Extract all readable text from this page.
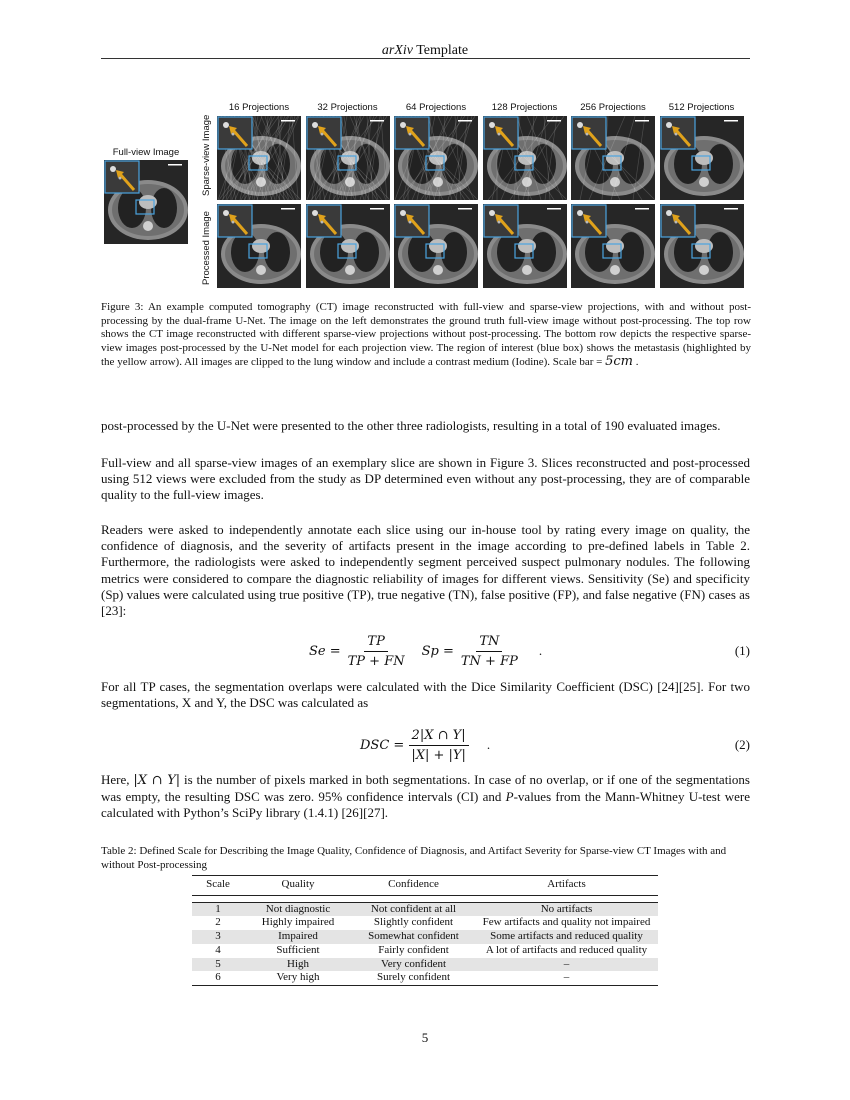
arXiv Template
Full-view Image	Sparse-view Image
Processed Image
16 Projections	32 Projections	64 Projections	128 Projections	256 Projections	512 Projections
Figure 3: An example computed tomography (CT) image reconstructed with full-view and sparse-view projections, with and without post-processing by the dual-frame U-Net. The image on the left demonstrates the ground truth full-view image without post-processing. The top row shows the CT image reconstructed with different sparse-view projections without post-processing. The bottom row depicts the respective sparse-view images post-processed by the U-Net model for each projection view. The region of interest (blue box) shows the metastasis (highlighted by the yellow arrow). All images are clipped to the lung window and include a contrast medium (Iodine). Scale bar = 5cm .
post-processed by the U-Net were presented to the other three radiologists, resulting in a total of 190 evaluated images.
Full-view and all sparse-view images of an exemplary slice are shown in Figure 3. Slices reconstructed and post-processed using 512 views were excluded from the study as DP determined even without any post-processing, they are of comparable quality to the full-view images.
Readers were asked to independently annotate each slice using our in-house tool by rating every image on quality, the confidence of diagnosis, and the severity of artifacts present in the image according to pre-defined labels in Table 2. Furthermore, the radiologists were asked to independently segment perceived suspect pulmonary nodules. The following metrics were considered to compare the diagnostic reliability of images for different views. Sensitivity (Se) and specificity (Sp) values were calculated using true positive (TP), true negative (TN), false positive (FP), and false negative (FN) cases as [23]:
$Se = \frac{TP}{TP + FN}$ $Sp = \frac{TN}{TN + FP}$ .	(1)
For all TP cases, the segmentation overlaps were calculated with the Dice Similarity Coefficient (DSC) [24][25]. For two segmentations, X and Y, the DSC was calculated as
DSC = $\frac{2|X \cap Y|}{|X| + |Y|}$ .	(2)
Here, |X ∩ Y| is the number of pixels marked in both segmentations. In case of no overlap, or if one of the segmentations was empty, the resulting DSC was zero. 95% confidence intervals (CI) and P-values from the Mann-Whitney U-test were calculated with Python’s SciPy library (1.4.1) [26][27].
Table 2: Defined Scale for Describing the Image Quality, Confidence of Diagnosis, and Artifact Severity for Sparse-view CT Images with and without Post-processing
Scale	Quality	Confidence	Artifacts

1	Not diagnostic	Not confident at all	No artifacts
2	Highly impaired	Slightly confident	Few artifacts and quality not impaired
3	Impaired	Somewhat confident	Some artifacts and reduced quality
4	Sufficient	Fairly confident	A lot of artifacts and reduced quality
5	High	Very confident	–
6	Very high	Surely confident	–
5
